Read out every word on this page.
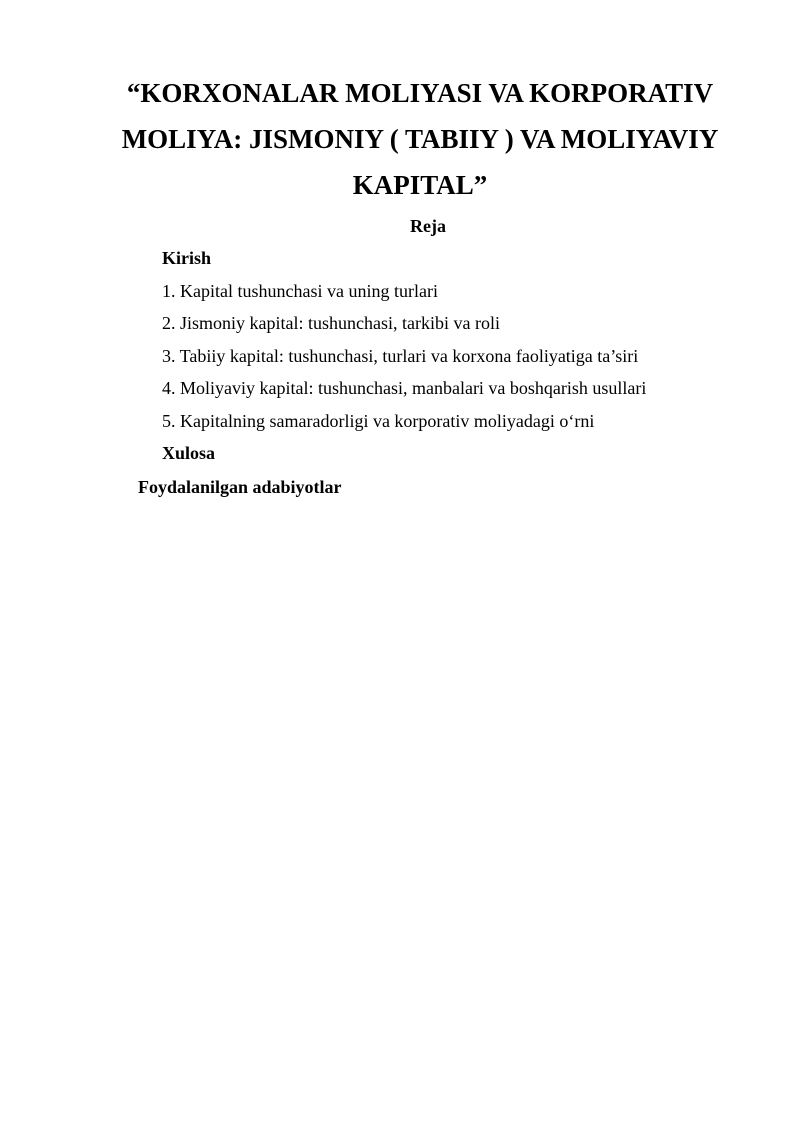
“KORXONALAR MOLIYASI VA KORPORATIV
MOLIYA: JISMONIY ( TABIIY ) VA MOLIYAVIY
KAPITAL”
Reja
Kirish
1. Kapital tushunchasi va uning turlari
2. Jismoniy kapital: tushunchasi, tarkibi va roli
3. Tabiiy kapital: tushunchasi, turlari va korxona faoliyatiga ta’siri
4. Moliyaviy kapital: tushunchasi, manbalari va boshqarish usullari
5. Kapitalning samaradorligi va korporativ moliyadagi o‘rni
Xulosa

Foydalanilgan adabiyotlar
